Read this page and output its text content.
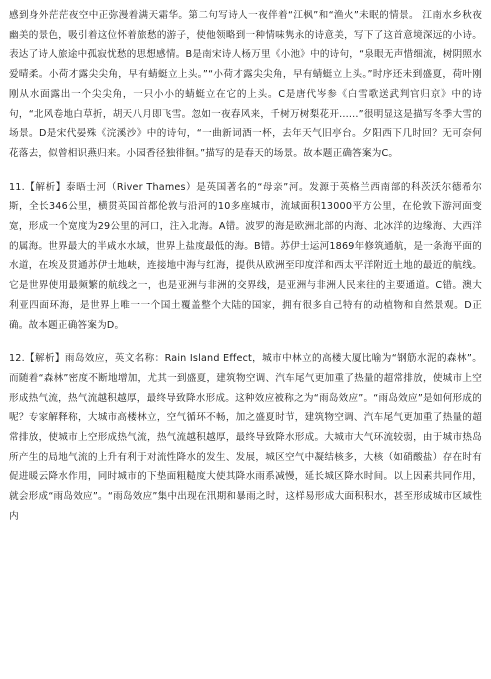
感到身外茫茫夜空中正弥漫着满天霜华。第二句写诗人一夜伴着“江枫”和“渔火”未眠的情景。 江南水乡秋夜幽美的景色，吸引着这位怀着旅愁的游子，使他领略到一种情味隽永的诗意美，写下了这首意境深远的小诗。表达了诗人旅途中孤寂忧愁的思想感情。B是南宋诗人杨万里《小池》中的诗句，“泉眼无声惜细流，树阴照水爱晴柔。小荷才露尖尖角，早有蜻蜓立上头。”“小荷才露尖尖角，早有蜻蜓立上头。”时序还未到盛夏，荷叶刚刚从水面露出一个尖尖角，一只小小的蜻蜓立在它的上头。C是唐代岑参《白雪歌送武判官归京》中的诗句，“北风卷地白草折，胡天八月即飞雪。忽如一夜春风来，千树万树梨花开......”很明显这是描写冬季大雪的场景。D是宋代晏殊《浣溪沙》中的诗句，“一曲新词酒一杯，去年天气旧亭台。夕阳西下几时回？无可奈何花落去，似曾相识燕归来。小园香径独徘徊。”描写的是春天的场景。故本题正确答案为C。

11.【解析】泰晤士河（River Thames）是英国著名的“母亲”河。发源于英格兰西南部的科茨沃尔德希尔斯，全长346公里，横贯英国首都伦敦与沿河的10多座城市，流域面积13000平方公里，在伦敦下游河面变宽，形成一个宽度为29公里的河口，注入北海。A错。波罗的海是欧洲北部的内海、北冰洋的边缘海、大西洋的属海。世界最大的半咸水水域，世界上盐度最低的海。B错。苏伊士运河1869年修筑通航，是一条海平面的水道，在埃及贯通苏伊士地峡，连接地中海与红海，提供从欧洲至印度洋和西太平洋附近土地的最近的航线。它是世界使用最频繁的航线之一，也是亚洲与非洲的交界线，是亚洲与非洲人民来往的主要通道。C错。澳大利亚四面环海，是世界上唯一一个国土覆盖整个大陆的国家，拥有很多自己特有的动植物和自然景观。D正确。故本题正确答案为D。

12.【解析】雨岛效应，英文名称：Rain Island Effect，城市中林立的高楼大厦比喻为“钢筋水泥的森林”。而随着“森林”密度不断地增加，尤其一到盛夏，建筑物空调、汽车尾气更加重了热量的超常排放，使城市上空形成热气流，热气流越积越厚，最终导致降水形成。这种效应被称之为“雨岛效应”。“雨岛效应”是如何形成的呢？专家解释称，大城市高楼林立，空气循环不畅，加之盛夏时节，建筑物空调、汽车尾气更加重了热量的超常排放，使城市上空形成热气流，热气流越积越厚，最终导致降水形成。大城市大气环流较弱，由于城市热岛所产生的局地气流的上升有利于对流性降水的发生、发展，城区空气中凝结核多，大核（如硝酸盐）存在时有促进暖云降水作用，同时城市的下垫面粗糙度大使其降水雨系减慢，延长城区降水时间。以上因素共同作用，就会形成“雨岛效应”。“雨岛效应”集中出现在汛期和暴雨之时，这样易形成大面积积水，甚至形成城市区域性内
